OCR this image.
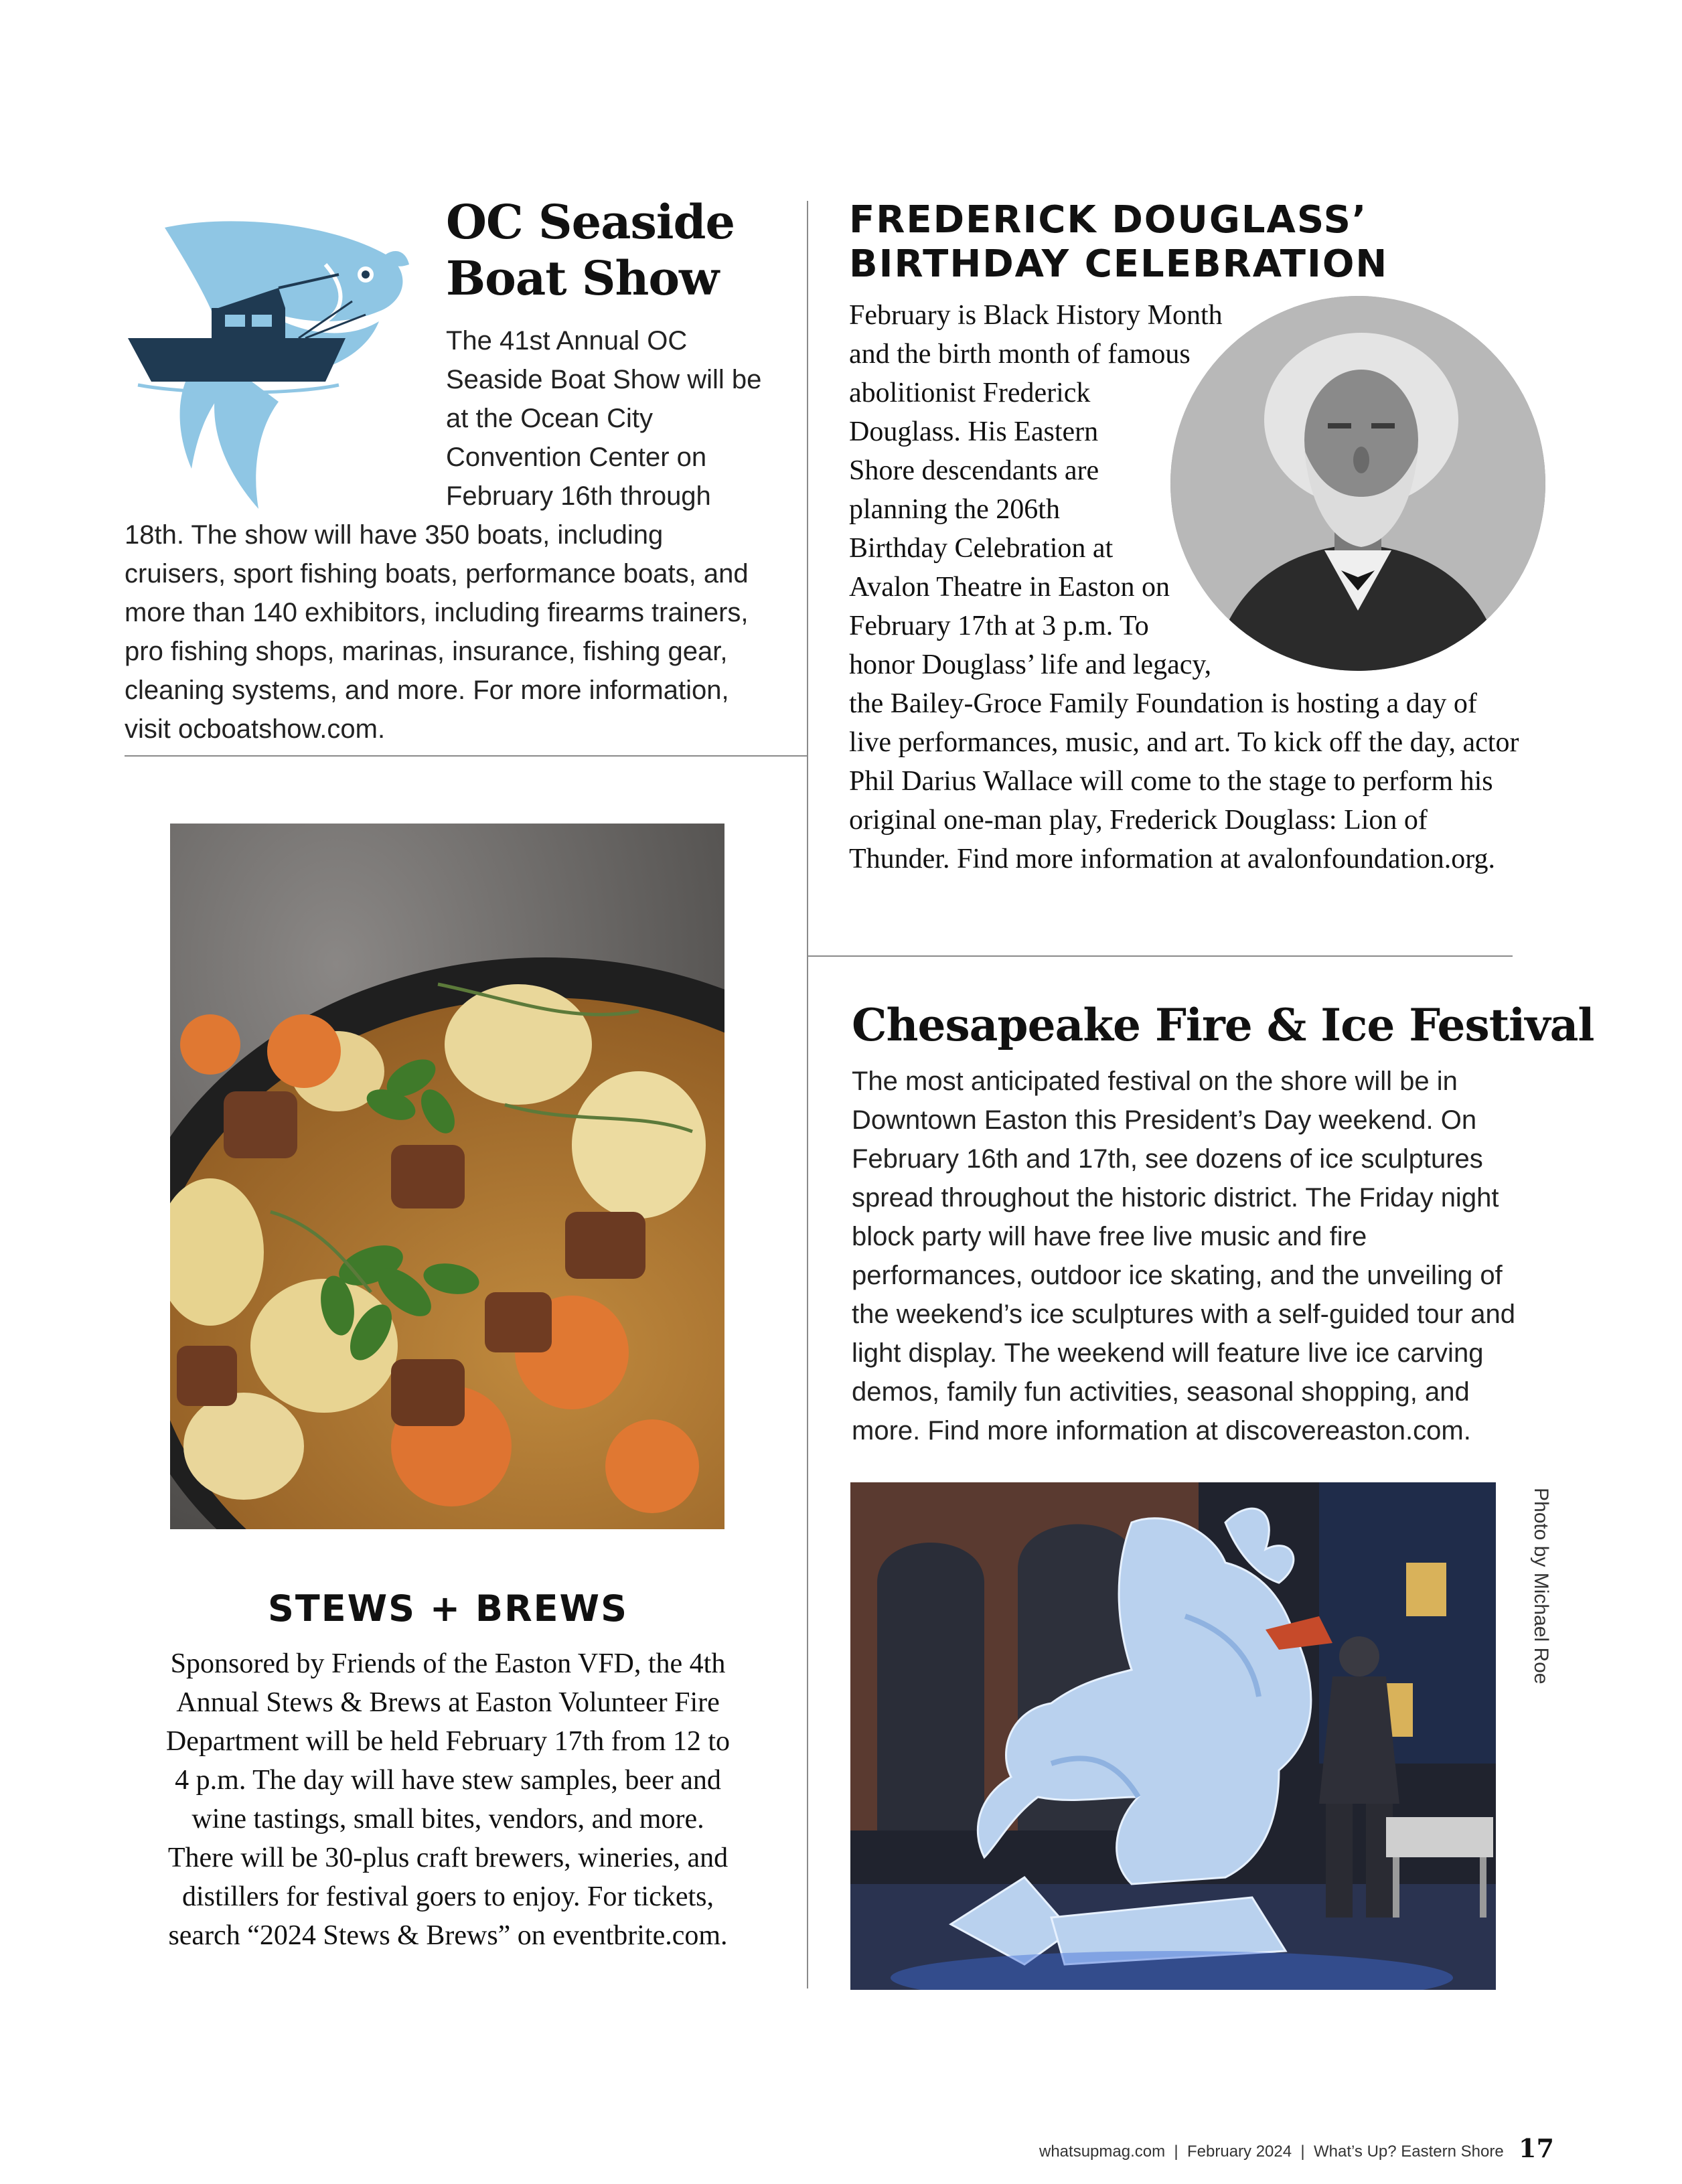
OC Seaside
Boat Show

The 41st Annual OC Seaside Boat Show will be at the Ocean City Convention Center on February 16th through 18th. The show will have 350 boats, including cruisers, sport fishing boats, performance boats, and more than 140 exhibitors, including firearms trainers, pro fishing shops, marinas, insurance, fishing gear, cleaning systems, and more. For more information, visit ocboatshow.com.

FREDERICK DOUGLASS’
BIRTHDAY CELEBRATION

February is Black History Month and the birth month of famous abolitionist Frederick Douglass. His Eastern Shore descendants are planning the 206th Birthday Celebration at Avalon Theatre in Easton on February 17th at 3 p.m. To honor Douglass’ life and legacy, the Bailey-Groce Family Foundation is hosting a day of live performances, music, and art. To kick off the day, actor Phil Darius Wallace will come to the stage to perform his original one-man play, Frederick Douglass: Lion of Thunder. Find more information at avalonfoundation.org.

STEWS + BREWS

Sponsored by Friends of the Easton VFD, the 4th Annual Stews & Brews at Easton Volunteer Fire Department will be held February 17th from 12 to 4 p.m. The day will have stew samples, beer and wine tastings, small bites, vendors, and more. There will be 30-plus craft brewers, wineries, and distillers for festival goers to enjoy. For tickets, search “2024 Stews & Brews” on eventbrite.com.

Chesapeake Fire & Ice Festival

The most anticipated festival on the shore will be in Downtown Easton this President’s Day weekend. On February 16th and 17th, see dozens of ice sculptures spread throughout the historic district. The Friday night block party will have free live music and fire performances, outdoor ice skating, and the unveiling of the weekend’s ice sculptures with a self-guided tour and light display. The weekend will feature live ice carving demos, family fun activities, seasonal shopping, and more. Find more information at discovereaston.com.

Photo by Michael Roe
whatsupmag.com  |  February 2024  |  What’s Up? Eastern Shore 17
